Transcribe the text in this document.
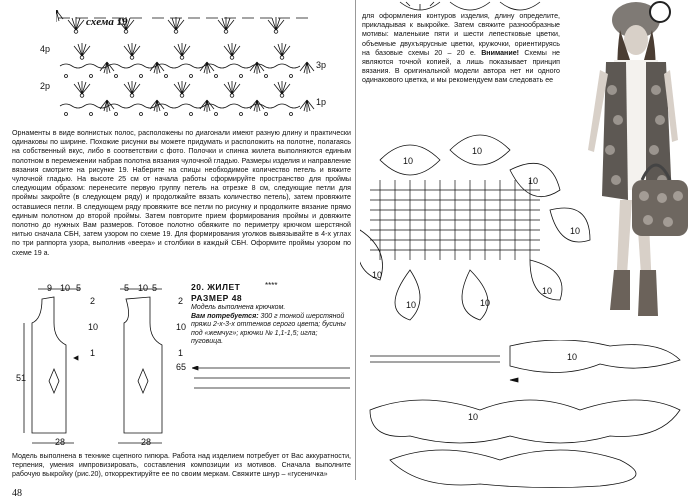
схема 19
4р
2р
3р
1р
Орнаменты в виде волнистых полос, расположены по диагонали имеют разную длину и практически одинаковы по ширине. Похожие рисунки вы можете придумать и расположить на полотне, полагаясь на собственный вкус, либо в соответствии с фото. Полочки и спинка жилета выполняются единым полотном в перемежении набрав полотна вязания чулочной гладью. Размеры изделия и направление вязания смотрите на рисунке 19. Наберите на спицы необходимое количество петель и вяжите чулочной гладью. На высоте 25 см от начала работы сформируйте пространство для проймы следующим образом: перенесите первую группу петель на отрезке 8 см, следующие петли для проймы закройте (в следующем ряду) и продолжайте вязать количество петель), затем провяжите оставшиеся петли. В следующем ряду провяжите все петли по рисунку и продолжите вязание прямо единым полотном до второй проймы. Затем повторите прием формирования проймы и довяжите полотно до нужных Вам размеров. Готовое полотно обвяжите по периметру крючком шерстяной нитью сначала СБН, затем узором по схеме 19. Для формирования уголков вывязывайте в 4-х углах по три раппорта узора, выполнив «веера» и столбики в каждый СБН. Оформите проймы узором по схеме 19 а.
9 10 5	5 10 5
2	2
10	10
1	1
51
28	28
20. ЖИЛЕТ
РАЗМЕР 48
****
Модель выполнена крючком.
Вам потребуется: 300 г тонкой шерстяной пряжи 2-х-3-х оттенков серого цвета; бусины под «жемчуг»; крючки № 1,1-1,5; игла; пуговица.
65
Модель выполнена в технике сцепного гипюра. Работа над изделием потребует от Вас аккуратности, терпения, умения импровизировать, составления композиции из мотивов. Сначала выполните рабочую выкройку (рис.20), откорректируйте ее по своим меркам. Свяжите шнур – «гусеничка»
48
для оформления контуров изделия, длину определите, прикладывая к выкройке. Затем свяжите разнообразные мотивы: маленькие пяти и шести лепестковые цветки, объемные двухъярусные цветки, кружочки, ориентируясь на базовые схемы 20 – 20 е. Внимание! Схемы не являются точной копией, а лишь показывает принцип вязания. В оригинальной модели автора нет ни одного одинакового цветка, и мы рекомендуем вам следовать ее
10
10
10
10
10
10
10
10
10
10
